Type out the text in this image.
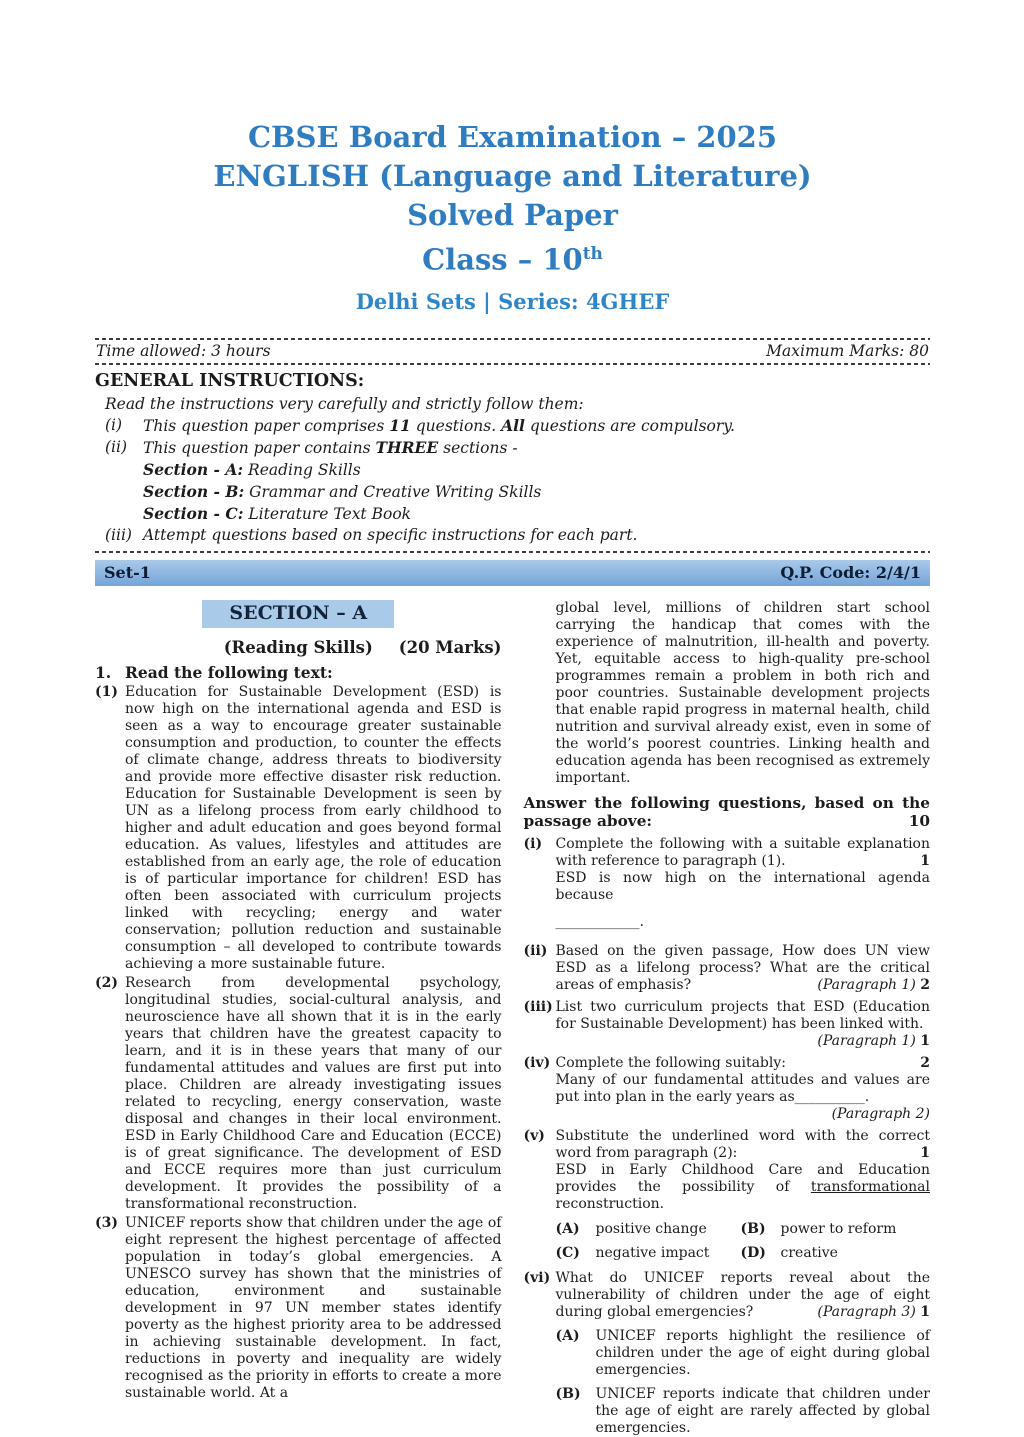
CBSE Board Examination – 2025
ENGLISH (Language and Literature)
Solved Paper
Class – 10th
Delhi Sets | Series: 4GHEF
Time allowed: 3 hours	Maximum Marks: 80
GENERAL INSTRUCTIONS:
Read the instructions very carefully and strictly follow them:
(i)	This question paper comprises 11 questions. All questions are compulsory.
(ii)	This question paper contains THREE sections -
Section - A: Reading Skills
Section - B: Grammar and Creative Writing Skills
Section - C: Literature Text Book
(iii) Attempt questions based on specific instructions for each part.
Set-1	Q.P. Code: 2/4/1
SECTION – A
(Reading Skills) (20 Marks)
1. Read the following text:
(1) Education for Sustainable Development (ESD) is now high on the international agenda and ESD is seen as a way to encourage greater sustainable consumption and production, to counter the effects of climate change, address threats to biodiversity and provide more effective disaster risk reduction. Education for Sustainable Development is seen by UN as a lifelong process from early childhood to higher and adult education and goes beyond formal education. As values, lifestyles and attitudes are established from an early age, the role of education is of particular importance for children! ESD has often been associated with curriculum projects linked with recycling; energy and water conservation; pollution reduction and sustainable consumption – all developed to contribute towards achieving a more sustainable future.
(2) Research from developmental psychology, longitudinal studies, social-cultural analysis, and neuroscience have all shown that it is in the early years that children have the greatest capacity to learn, and it is in these years that many of our fundamental attitudes and values are first put into place. Children are already investigating issues related to recycling, energy conservation, waste disposal and changes in their local environment. ESD in Early Childhood Care and Education (ECCE) is of great significance. The development of ESD and ECCE requires more than just curriculum development. It provides the possibility of a transformational reconstruction.
(3) UNICEF reports show that children under the age of eight represent the highest percentage of affected population in today’s global emergencies. A UNESCO survey has shown that the ministries of education, environment and sustainable development in 97 UN member states identify poverty as the highest priority area to be addressed in achieving sustainable development. In fact, reductions in poverty and inequality are widely recognised as the priority in efforts to create a more sustainable world. At a
global level, millions of children start school carrying the handicap that comes with the experience of malnutrition, ill-health and poverty. Yet, equitable access to high-quality pre-school programmes remain a problem in both rich and poor countries. Sustainable development projects that enable rapid progress in maternal health, child nutrition and survival already exist, even in some of the world’s poorest countries. Linking health and education agenda has been recognised as extremely important.
Answer the following questions, based on the passage above:	10
(i) Complete the following with a suitable explanation with reference to paragraph (1).	1
ESD is now high on the international agenda because
____________.
(ii) Based on the given passage, How does UN view ESD as a lifelong process? What are the critical areas of emphasis?	(Paragraph 1) 2
(iii) List two curriculum projects that ESD (Education for Sustainable Development) has been linked with.
(Paragraph 1) 1
(iv) Complete the following suitably:	2
Many of our fundamental attitudes and values are put into plan in the early years as__________.
(Paragraph 2)
(v) Substitute the underlined word with the correct word from paragraph (2):	1
ESD in Early Childhood Care and Education provides the possibility of transformational reconstruction.
(A)	positive change (B)	power to reform
(C)	negative impact (D)	creative
(vi) What do UNICEF reports reveal about the vulnerability of children under the age of eight during global emergencies?	(Paragraph 3) 1
(A)	UNICEF reports highlight the resilience of children under the age of eight during global emergencies.
(B)	UNICEF reports indicate that children under the age of eight are rarely affected by global emergencies.
